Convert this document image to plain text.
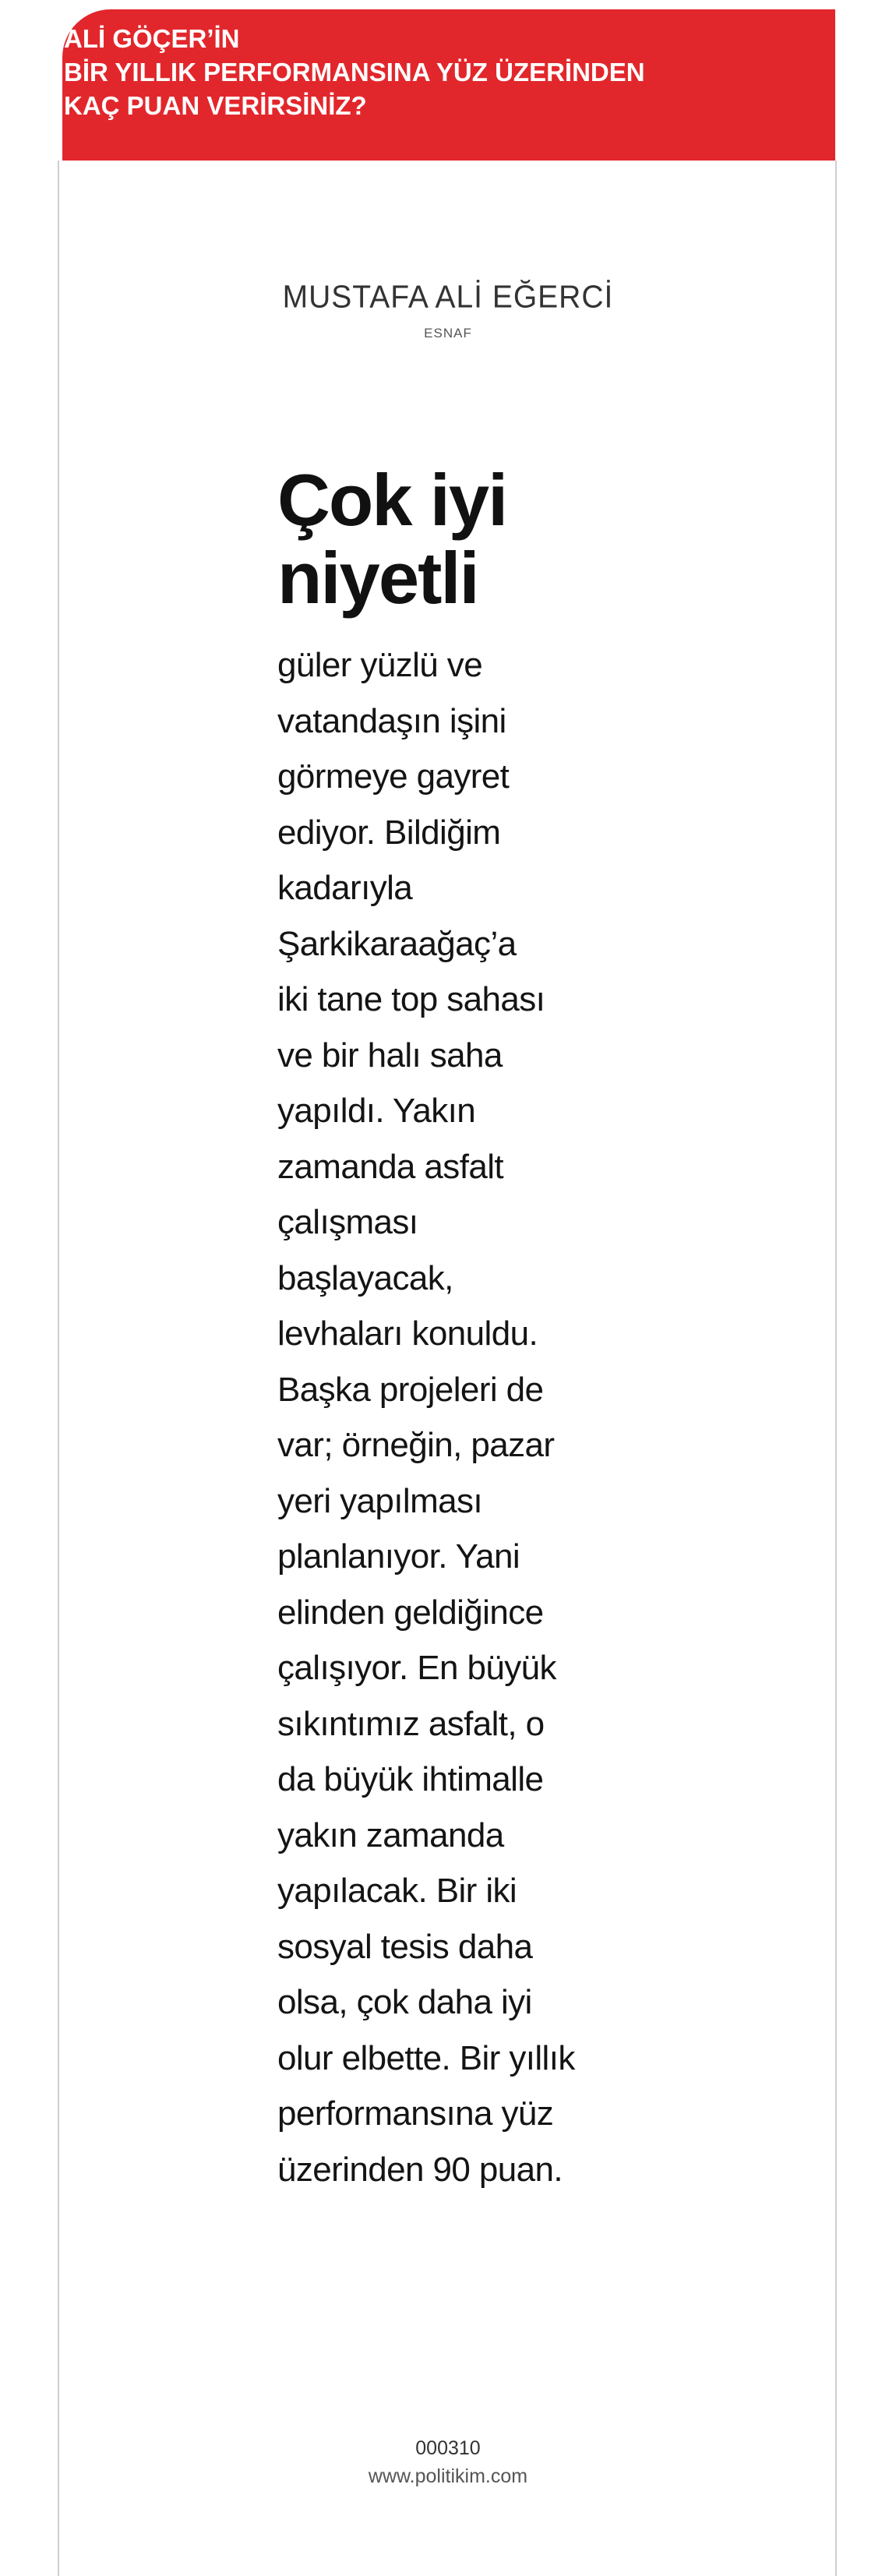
ALİ GÖÇER’İN
BİR YILLIK PERFORMANSINA YÜZ ÜZERİNDEN
KAÇ PUAN VERİRSİNİZ?
MUSTAFA ALİ EĞERCİ
ESNAF
Çok iyi
niyetli

güler yüzlü ve
vatandaşın işini
görmeye gayret
ediyor. Bildiğim
kadarıyla
Şarkikaraağaç’a
iki tane top sahası
ve bir halı saha
yapıldı. Yakın
zamanda asfalt
çalışması
başlayacak,
levhaları konuldu.
Başka projeleri de
var; örneğin, pazar
yeri yapılması
planlanıyor. Yani
elinden geldiğince
çalışıyor. En büyük
sıkıntımız asfalt, o
da büyük ihtimalle
yakın zamanda
yapılacak. Bir iki
sosyal tesis daha
olsa, çok daha iyi
olur elbette. Bir yıllık
performansına yüz
üzerinden 90 puan.

000310
www.politikim.com
